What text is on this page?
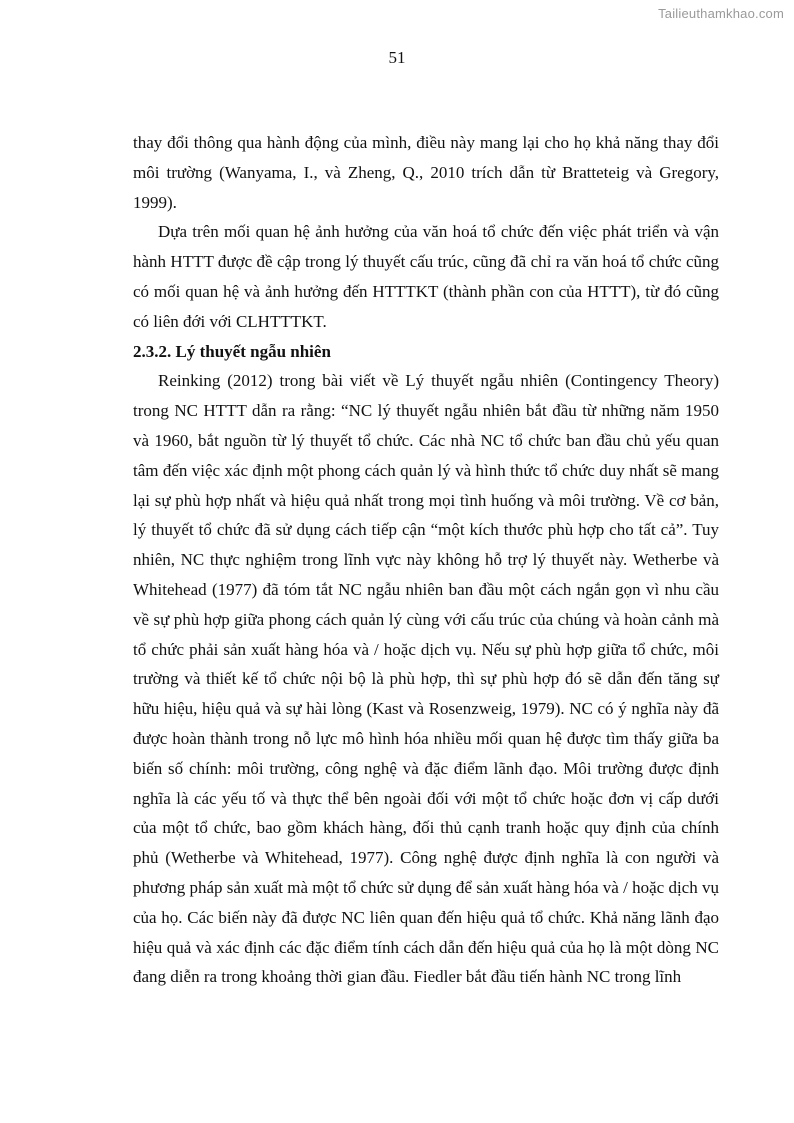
Tailieuthamkhao.com
51

thay đổi thông qua hành động của mình, điều này mang lại cho họ khả năng thay đổi môi trường (Wanyama, I., và Zheng, Q., 2010 trích dẫn từ Bratteteig và Gregory, 1999).

Dựa trên mối quan hệ ảnh hưởng của văn hoá tổ chức đến việc phát triển và vận hành HTTT được đề cập trong lý thuyết cấu trúc, cũng đã chỉ ra văn hoá tổ chức cũng có mối quan hệ và ảnh hưởng đến HTTTKT (thành phần con của HTTT), từ đó cũng có liên đới với CLHTTTKT.

2.3.2. Lý thuyết ngẫu nhiên

Reinking (2012) trong bài viết về Lý thuyết ngẫu nhiên (Contingency Theory) trong NC HTTT dẫn ra rằng: “NC lý thuyết ngẫu nhiên bắt đầu từ những năm 1950 và 1960, bắt nguồn từ lý thuyết tổ chức. Các nhà NC tổ chức ban đầu chủ yếu quan tâm đến việc xác định một phong cách quản lý và hình thức tổ chức duy nhất sẽ mang lại sự phù hợp nhất và hiệu quả nhất trong mọi tình huống và môi trường. Về cơ bản, lý thuyết tổ chức đã sử dụng cách tiếp cận “một kích thước phù hợp cho tất cả”. Tuy nhiên, NC thực nghiệm trong lĩnh vực này không hỗ trợ lý thuyết này. Wetherbe và Whitehead (1977) đã tóm tắt NC ngẫu nhiên ban đầu một cách ngắn gọn vì nhu cầu về sự phù hợp giữa phong cách quản lý cùng với cấu trúc của chúng và hoàn cảnh mà tổ chức phải sản xuất hàng hóa và / hoặc dịch vụ. Nếu sự phù hợp giữa tổ chức, môi trường và thiết kế tổ chức nội bộ là phù hợp, thì sự phù hợp đó sẽ dẫn đến tăng sự hữu hiệu, hiệu quả và sự hài lòng (Kast và Rosenzweig, 1979). NC có ý nghĩa này đã được hoàn thành trong nỗ lực mô hình hóa nhiều mối quan hệ được tìm thấy giữa ba biến số chính: môi trường, công nghệ và đặc điểm lãnh đạo. Môi trường được định nghĩa là các yếu tố và thực thể bên ngoài đối với một tổ chức hoặc đơn vị cấp dưới của một tổ chức, bao gồm khách hàng, đối thủ cạnh tranh hoặc quy định của chính phủ (Wetherbe và Whitehead, 1977). Công nghệ được định nghĩa là con người và phương pháp sản xuất mà một tổ chức sử dụng để sản xuất hàng hóa và / hoặc dịch vụ của họ. Các biến này đã được NC liên quan đến hiệu quả tổ chức. Khả năng lãnh đạo hiệu quả và xác định các đặc điểm tính cách dẫn đến hiệu quả của họ là một dòng NC đang diễn ra trong khoảng thời gian đầu. Fiedler bắt đầu tiến hành NC trong lĩnh
